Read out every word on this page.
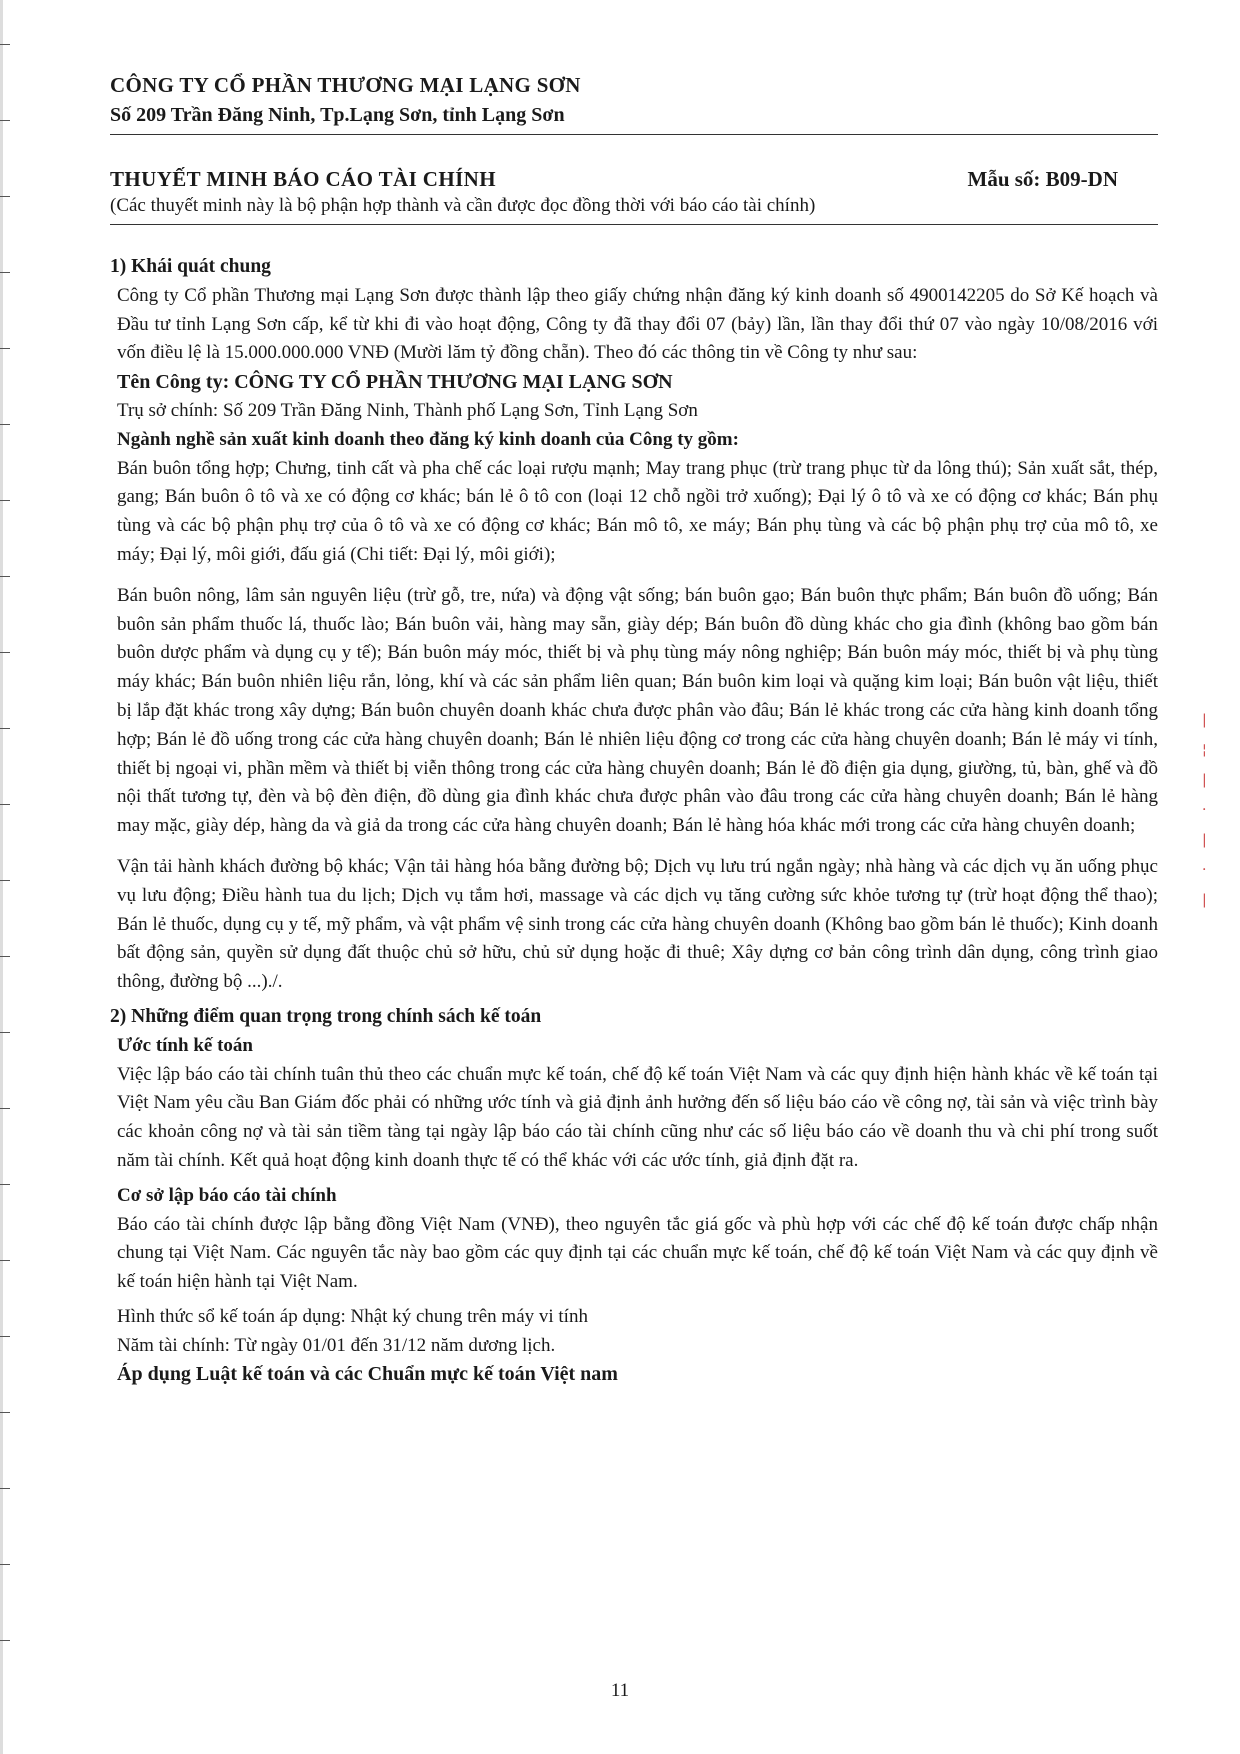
|
¦
|
·
|
·
|
CÔNG TY CỔ PHẦN THƯƠNG MẠI LẠNG SƠN
Số 209 Trần Đăng Ninh, Tp.Lạng Sơn, tỉnh Lạng Sơn
THUYẾT MINH BÁO CÁO TÀI CHÍNH	Mẫu số: B09-DN
(Các thuyết minh này là bộ phận hợp thành và cần được đọc đồng thời với báo cáo tài chính)
1) Khái quát chung

Công ty Cổ phần Thương mại Lạng Sơn được thành lập theo giấy chứng nhận đăng ký kinh doanh số 4900142205 do Sở Kế hoạch và Đầu tư tỉnh Lạng Sơn cấp, kể từ khi đi vào hoạt động, Công ty đã thay đổi 07 (bảy) lần, lần thay đổi thứ 07 vào ngày 10/08/2016 với vốn điều lệ là 15.000.000.000 VNĐ (Mười lăm tỷ đồng chẵn). Theo đó các thông tin về Công ty như sau:

Tên Công ty: CÔNG TY CỔ PHẦN THƯƠNG MẠI LẠNG SƠN

Trụ sở chính: Số 209 Trần Đăng Ninh, Thành phố Lạng Sơn, Tỉnh Lạng Sơn

Ngành nghề sản xuất kinh doanh theo đăng ký kinh doanh của Công ty gồm:

Bán buôn tổng hợp; Chưng, tinh cất và pha chế các loại rượu mạnh; May trang phục (trừ trang phục từ da lông thú); Sản xuất sắt, thép, gang; Bán buôn ô tô và xe có động cơ khác; bán lẻ ô tô con (loại 12 chỗ ngồi trở xuống); Đại lý ô tô và xe có động cơ khác; Bán phụ tùng và các bộ phận phụ trợ của ô tô và xe có động cơ khác; Bán mô tô, xe máy; Bán phụ tùng và các bộ phận phụ trợ của mô tô, xe máy; Đại lý, môi giới, đấu giá (Chi tiết: Đại lý, môi giới);

Bán buôn nông, lâm sản nguyên liệu (trừ gỗ, tre, nứa) và động vật sống; bán buôn gạo; Bán buôn thực phẩm; Bán buôn đồ uống; Bán buôn sản phẩm thuốc lá, thuốc lào; Bán buôn vải, hàng may sẵn, giày dép; Bán buôn đồ dùng khác cho gia đình (không bao gồm bán buôn dược phẩm và dụng cụ y tế); Bán buôn máy móc, thiết bị và phụ tùng máy nông nghiệp; Bán buôn máy móc, thiết bị và phụ tùng máy khác; Bán buôn nhiên liệu rắn, lỏng, khí và các sản phẩm liên quan; Bán buôn kim loại và quặng kim loại; Bán buôn vật liệu, thiết bị lắp đặt khác trong xây dựng; Bán buôn chuyên doanh khác chưa được phân vào đâu; Bán lẻ khác trong các cửa hàng kinh doanh tổng hợp; Bán lẻ đồ uống trong các cửa hàng chuyên doanh; Bán lẻ nhiên liệu động cơ trong các cửa hàng chuyên doanh; Bán lẻ máy vi tính, thiết bị ngoại vi, phần mềm và thiết bị viễn thông trong các cửa hàng chuyên doanh; Bán lẻ đồ điện gia dụng, giường, tủ, bàn, ghế và đồ nội thất tương tự, đèn và bộ đèn điện, đồ dùng gia đình khác chưa được phân vào đâu trong các cửa hàng chuyên doanh; Bán lẻ hàng may mặc, giày dép, hàng da và giả da trong các cửa hàng chuyên doanh; Bán lẻ hàng hóa khác mới trong các cửa hàng chuyên doanh;

Vận tải hành khách đường bộ khác; Vận tải hàng hóa bằng đường bộ; Dịch vụ lưu trú ngắn ngày; nhà hàng và các dịch vụ ăn uống phục vụ lưu động; Điều hành tua du lịch; Dịch vụ tắm hơi, massage và các dịch vụ tăng cường sức khỏe tương tự (trừ hoạt động thể thao); Bán lẻ thuốc, dụng cụ y tế, mỹ phẩm, và vật phẩm vệ sinh trong các cửa hàng chuyên doanh (Không bao gồm bán lẻ thuốc); Kinh doanh bất động sản, quyền sử dụng đất thuộc chủ sở hữu, chủ sử dụng hoặc đi thuê; Xây dựng cơ bản công trình dân dụng, công trình giao thông, đường bộ ...)./.

2) Những điểm quan trọng trong chính sách kế toán

Ước tính kế toán

Việc lập báo cáo tài chính tuân thủ theo các chuẩn mực kế toán, chế độ kế toán Việt Nam và các quy định hiện hành khác về kế toán tại Việt Nam yêu cầu Ban Giám đốc phải có những ước tính và giả định ảnh hưởng đến số liệu báo cáo về công nợ, tài sản và việc trình bày các khoản công nợ và tài sản tiềm tàng tại ngày lập báo cáo tài chính cũng như các số liệu báo cáo về doanh thu và chi phí trong suốt năm tài chính. Kết quả hoạt động kinh doanh thực tế có thể khác với các ước tính, giả định đặt ra.

Cơ sở lập báo cáo tài chính

Báo cáo tài chính được lập bằng đồng Việt Nam (VNĐ), theo nguyên tắc giá gốc và phù hợp với các chế độ kế toán được chấp nhận chung tại Việt Nam. Các nguyên tắc này bao gồm các quy định tại các chuẩn mực kế toán, chế độ kế toán Việt Nam và các quy định về kế toán hiện hành tại Việt Nam.

Hình thức sổ kế toán áp dụng: Nhật ký chung trên máy vi tính

Năm tài chính: Từ ngày 01/01 đến 31/12 năm dương lịch.

Áp dụng Luật kế toán và các Chuẩn mực kế toán Việt nam

11
